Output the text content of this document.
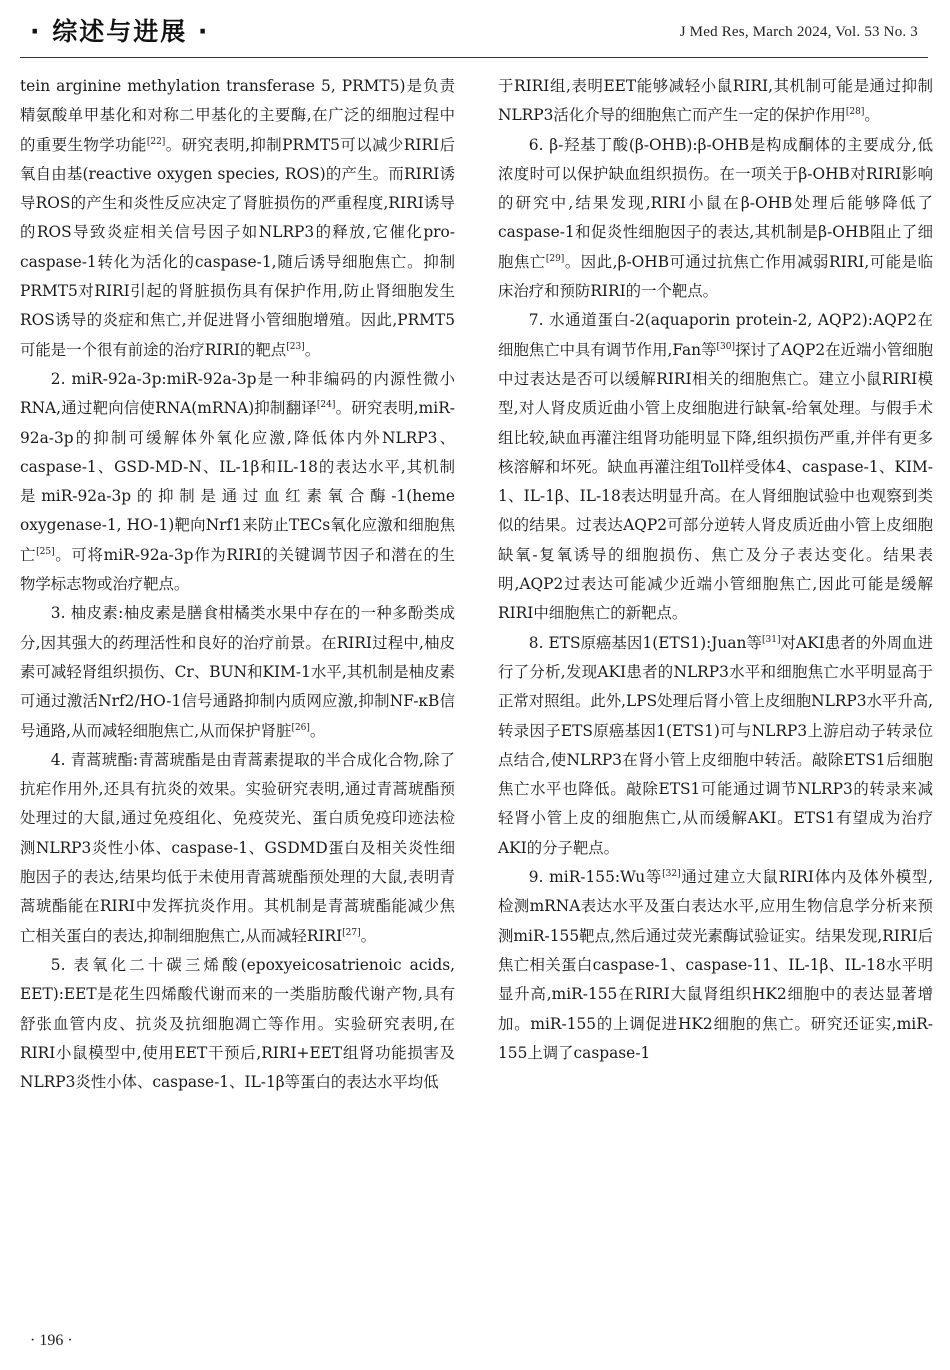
· 综述与进展 ·	J Med Res, March 2024, Vol. 53 No. 3

tein arginine methylation transferase 5, PRMT5)是负责精氨酸单甲基化和对称二甲基化的主要酶,在广泛的细胞过程中的重要生物学功能[22]。研究表明,抑制PRMT5可以减少RIRI后氧自由基(reactive oxygen species, ROS)的产生。而RIRI诱导ROS的产生和炎性反应决定了肾脏损伤的严重程度,RIRI诱导的ROS导致炎症相关信号因子如NLRP3的释放,它催化pro-caspase-1转化为活化的caspase-1,随后诱导细胞焦亡。抑制PRMT5对RIRI引起的肾脏损伤具有保护作用,防止肾细胞发生ROS诱导的炎症和焦亡,并促进肾小管细胞增殖。因此,PRMT5可能是一个很有前途的治疗RIRI的靶点[23]。

2. miR-92a-3p:miR-92a-3p是一种非编码的内源性微小RNA,通过靶向信使RNA(mRNA)抑制翻译[24]。研究表明,miR-92a-3p的抑制可缓解体外氧化应激,降低体内外NLRP3、caspase-1、GSD-MD-N、IL-1β和IL-18的表达水平,其机制是miR-92a-3p的抑制是通过血红素氧合酶-1(heme oxygenase-1, HO-1)靶向Nrf1来防止TECs氧化应激和细胞焦亡[25]。可将miR-92a-3p作为RIRI的关键调节因子和潜在的生物学标志物或治疗靶点。

3. 柚皮素:柚皮素是膳食柑橘类水果中存在的一种多酚类成分,因其强大的药理活性和良好的治疗前景。在RIRI过程中,柚皮素可减轻肾组织损伤、Cr、BUN和KIM-1水平,其机制是柚皮素可通过激活Nrf2/HO-1信号通路抑制内质网应激,抑制NF-κB信号通路,从而减轻细胞焦亡,从而保护肾脏[26]。

4. 青蒿琥酯:青蒿琥酯是由青蒿素提取的半合成化合物,除了抗疟作用外,还具有抗炎的效果。实验研究表明,通过青蒿琥酯预处理过的大鼠,通过免疫组化、免疫荧光、蛋白质免疫印迹法检测NLRP3炎性小体、caspase-1、GSDMD蛋白及相关炎性细胞因子的表达,结果均低于未使用青蒿琥酯预处理的大鼠,表明青蒿琥酯能在RIRI中发挥抗炎作用。其机制是青蒿琥酯能减少焦亡相关蛋白的表达,抑制细胞焦亡,从而减轻RIRI[27]。

5. 表氧化二十碳三烯酸(epoxyeicosatrienoic acids, EET):EET是花生四烯酸代谢而来的一类脂肪酸代谢产物,具有舒张血管内皮、抗炎及抗细胞凋亡等作用。实验研究表明,在RIRI小鼠模型中,使用EET干预后,RIRI+EET组肾功能损害及NLRP3炎性小体、caspase-1、IL-1β等蛋白的表达水平均低

于RIRI组,表明EET能够减轻小鼠RIRI,其机制可能是通过抑制NLRP3活化介导的细胞焦亡而产生一定的保护作用[28]。

6. β-羟基丁酸(β-OHB):β-OHB是构成酮体的主要成分,低浓度时可以保护缺血组织损伤。在一项关于β-OHB对RIRI影响的研究中,结果发现,RIRI小鼠在β-OHB处理后能够降低了caspase-1和促炎性细胞因子的表达,其机制是β-OHB阻止了细胞焦亡[29]。因此,β-OHB可通过抗焦亡作用减弱RIRI,可能是临床治疗和预防RIRI的一个靶点。

7. 水通道蛋白-2(aquaporin protein-2, AQP2):AQP2在细胞焦亡中具有调节作用,Fan等[30]探讨了AQP2在近端小管细胞中过表达是否可以缓解RIRI相关的细胞焦亡。建立小鼠RIRI模型,对人肾皮质近曲小管上皮细胞进行缺氧-给氧处理。与假手术组比较,缺血再灌注组肾功能明显下降,组织损伤严重,并伴有更多核溶解和坏死。缺血再灌注组Toll样受体4、caspase-1、KIM-1、IL-1β、IL-18表达明显升高。在人肾细胞试验中也观察到类似的结果。过表达AQP2可部分逆转人肾皮质近曲小管上皮细胞缺氧-复氧诱导的细胞损伤、焦亡及分子表达变化。结果表明,AQP2过表达可能减少近端小管细胞焦亡,因此可能是缓解RIRI中细胞焦亡的新靶点。

8. ETS原癌基因1(ETS1):Juan等[31]对AKI患者的外周血进行了分析,发现AKI患者的NLRP3水平和细胞焦亡水平明显高于正常对照组。此外,LPS处理后肾小管上皮细胞NLRP3水平升高,转录因子ETS原癌基因1(ETS1)可与NLRP3上游启动子转录位点结合,使NLRP3在肾小管上皮细胞中转活。敲除ETS1后细胞焦亡水平也降低。敲除ETS1可能通过调节NLRP3的转录来减轻肾小管上皮的细胞焦亡,从而缓解AKI。ETS1有望成为治疗AKI的分子靶点。

9. miR-155:Wu等[32]通过建立大鼠RIRI体内及体外模型,检测mRNA表达水平及蛋白表达水平,应用生物信息学分析来预测miR-155靶点,然后通过荧光素酶试验证实。结果发现,RIRI后焦亡相关蛋白caspase-1、caspase-11、IL-1β、IL-18水平明显升高,miR-155在RIRI大鼠肾组织HK2细胞中的表达显著增加。miR-155的上调促进HK2细胞的焦亡。研究还证实,miR-155上调了caspase-1

· 196 ·
